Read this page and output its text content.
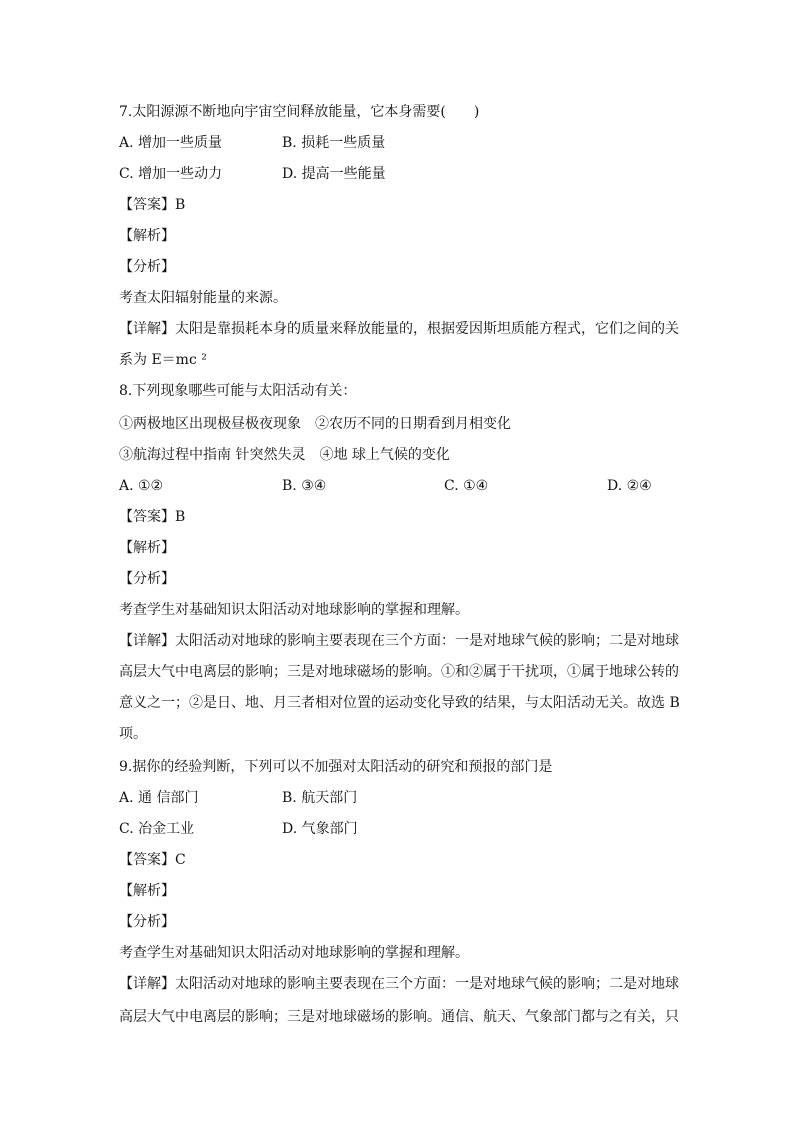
7.太阳源源不断地向宇宙空间释放能量，它本身需要(　　)
A. 增加一些质量	B. 损耗一些质量
C. 增加一些动力	D. 提高一些能量
【答案】B
【解析】
【分析】
考查太阳辐射能量的来源。
【详解】太阳是靠损耗本身的质量来释放能量的，根据爱因斯坦质能方程式，它们之间的关
系为 E＝mc ²
8.下列现象哪些可能与太阳活动有关：
①两极地区出现极昼极夜现象　②农历不同的日期看到月相变化
③航海过程中指南 针突然失灵　④地 球上气候的变化
A. ①②	B. ③④	C. ①④	D. ②④
【答案】B
【解析】
【分析】
考查学生对基础知识太阳活动对地球影响的掌握和理解。
【详解】太阳活动对地球的影响主要表现在三个方面：一是对地球气候的影响；二是对地球
高层大气中电离层的影响；三是对地球磁场的影响。①和②属于干扰项，①属于地球公转的
意义之一；②是日、地、月三者相对位置的运动变化导致的结果，与太阳活动无关。故选 B
项。
9.据你的经验判断，下列可以不加强对太阳活动的研究和预报的部门是
A. 通 信部门	B. 航天部门
C. 冶金工业	D. 气象部门
【答案】C
【解析】
【分析】
考查学生对基础知识太阳活动对地球影响的掌握和理解。
【详解】太阳活动对地球的影响主要表现在三个方面：一是对地球气候的影响；二是对地球
高层大气中电离层的影响；三是对地球磁场的影响。通信、航天、气象部门都与之有关，只
